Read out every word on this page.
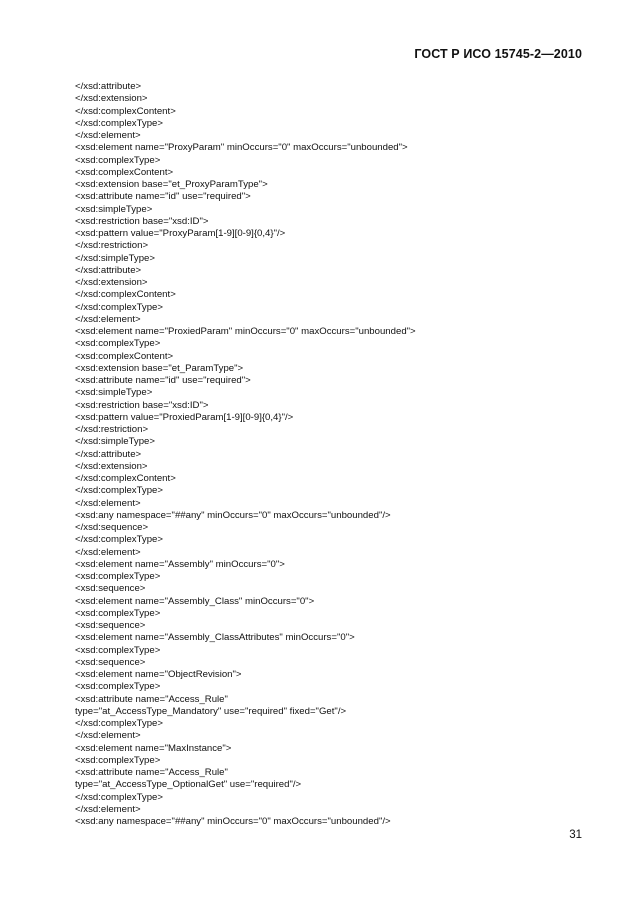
ГОСТ Р ИСО 15745-2—2010
</xsd:attribute>
</xsd:extension>
</xsd:complexContent>
</xsd:complexType>
</xsd:element>
<xsd:element name="ProxyParam" minOccurs="0" maxOccurs="unbounded">
<xsd:complexType>
<xsd:complexContent>
<xsd:extension base="et_ProxyParamType">
<xsd:attribute name="id" use="required">
<xsd:simpleType>
<xsd:restriction base="xsd:ID">
<xsd:pattern value="ProxyParam[1-9][0-9]{0,4}"/>
</xsd:restriction>
</xsd:simpleType>
</xsd:attribute>
</xsd:extension>
</xsd:complexContent>
</xsd:complexType>
</xsd:element>
<xsd:element name="ProxiedParam" minOccurs="0" maxOccurs="unbounded">
<xsd:complexType>
<xsd:complexContent>
<xsd:extension base="et_ParamType">
<xsd:attribute name="id" use="required">
<xsd:simpleType>
<xsd:restriction base="xsd:ID">
<xsd:pattern value="ProxiedParam[1-9][0-9]{0,4}"/>
</xsd:restriction>
</xsd:simpleType>
</xsd:attribute>
</xsd:extension>
</xsd:complexContent>
</xsd:complexType>
</xsd:element>
<xsd:any namespace="##any" minOccurs="0" maxOccurs="unbounded"/>
</xsd:sequence>
</xsd:complexType>
</xsd:element>
<xsd:element name="Assembly" minOccurs="0">
<xsd:complexType>
<xsd:sequence>
<xsd:element name="Assembly_Class" minOccurs="0">
<xsd:complexType>
<xsd:sequence>
<xsd:element name="Assembly_ClassAttributes" minOccurs="0">
<xsd:complexType>
<xsd:sequence>
<xsd:element name="ObjectRevision">
<xsd:complexType>
<xsd:attribute name="Access_Rule"
type="at_AccessType_Mandatory" use="required" fixed="Get"/>
</xsd:complexType>
</xsd:element>
<xsd:element name="MaxInstance">
<xsd:complexType>
<xsd:attribute name="Access_Rule"
type="at_AccessType_OptionalGet" use="required"/>
</xsd:complexType>
</xsd:element>
<xsd:any namespace="##any" minOccurs="0" maxOccurs="unbounded"/>
31
